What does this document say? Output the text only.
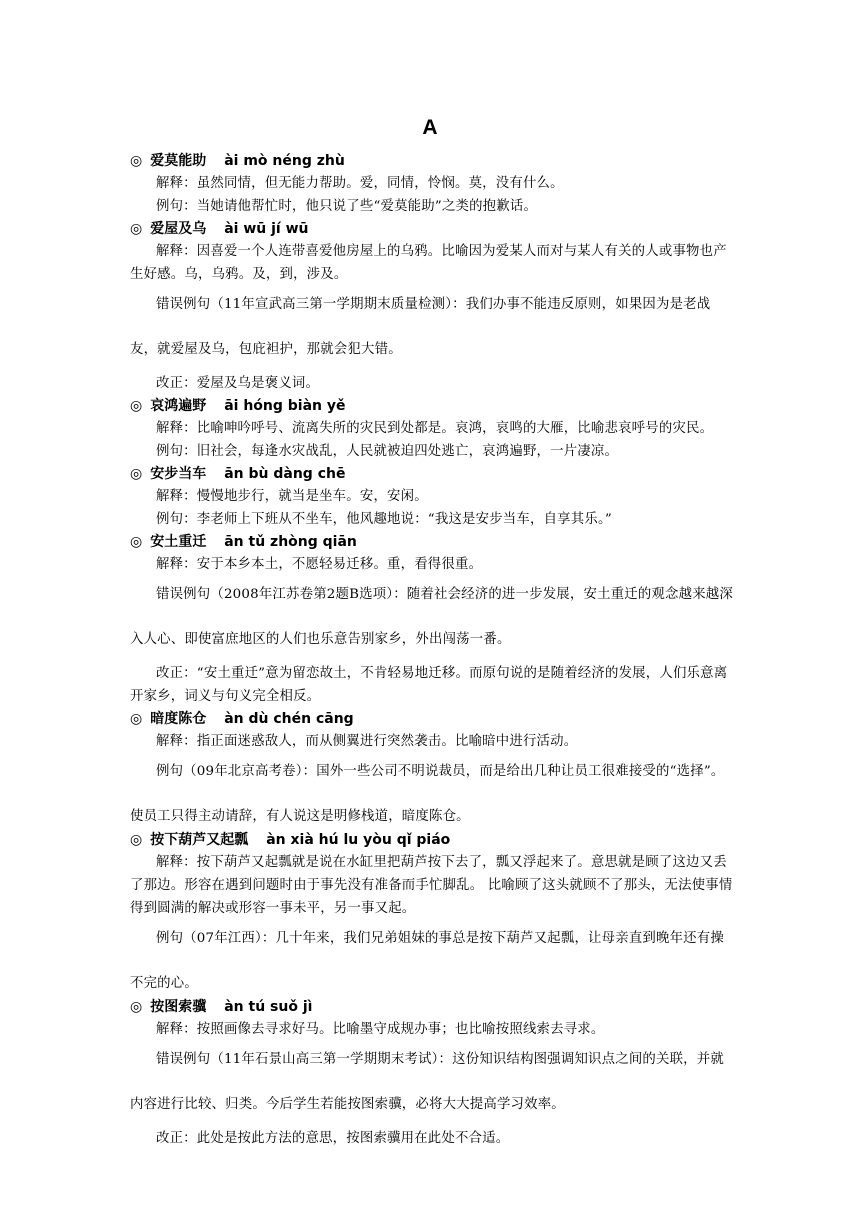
A
◎ 爱莫能助 ài mò néng zhù

解释：虽然同情，但无能力帮助。爱，同情，怜悯。莫，没有什么。

例句：当她请他帮忙时，他只说了些“爱莫能助”之类的抱歉话。

◎ 爱屋及乌 ài wū jí wū

解释：因喜爱一个人连带喜爱他房屋上的乌鸦。比喻因为爱某人而对与某人有关的人或事物也产生好感。乌，乌鸦。及，到，涉及。

错误例句（11年宣武高三第一学期期末质量检测）：我们办事不能违反原则，如果因为是老战友，就爱屋及乌，包庇袒护，那就会犯大错。

改正：爱屋及乌是褒义词。

◎ 哀鸿遍野 āi hóng biàn yě

解释：比喻呻吟呼号、流离失所的灾民到处都是。哀鸿，哀鸣的大雁，比喻悲哀呼号的灾民。

例句：旧社会，每逢水灾战乱，人民就被迫四处逃亡，哀鸿遍野，一片凄凉。

◎ 安步当车 ān bù dàng chē

解释：慢慢地步行，就当是坐车。安，安闲。

例句：李老师上下班从不坐车，他风趣地说：“我这是安步当车，自享其乐。”

◎ 安土重迁 ān tǔ zhòng qiān

解释：安于本乡本土，不愿轻易迁移。重，看得很重。

错误例句（2008年江苏卷第2题B选项）：随着社会经济的进一步发展，安土重迁的观念越来越深入人心、即使富庶地区的人们也乐意告别家乡，外出闯荡一番。

改正：“安土重迁”意为留恋故土，不肯轻易地迁移。而原句说的是随着经济的发展，人们乐意离开家乡，词义与句义完全相反。

◎ 暗度陈仓 àn dù chén cāng

解释：指正面迷惑敌人，而从侧翼进行突然袭击。比喻暗中进行活动。

例句（09年北京高考卷）：国外一些公司不明说裁员，而是给出几种让员工很难接受的“选择”。使员工只得主动请辞，有人说这是明修栈道，暗度陈仓。

◎ 按下葫芦又起瓢 àn xià hú lu yòu qǐ piáo

解释：按下葫芦又起瓢就是说在水缸里把葫芦按下去了，瓢又浮起来了。意思就是顾了这边又丢了那边。形容在遇到问题时由于事先没有准备而手忙脚乱。 比喻顾了这头就顾不了那头，无法使事情得到圆满的解决或形容一事未平，另一事又起。

例句（07年江西）：几十年来，我们兄弟姐妹的事总是按下葫芦又起瓢，让母亲直到晚年还有操不完的心。

◎ 按图索骥 àn tú suǒ jì

解释：按照画像去寻求好马。比喻墨守成规办事；也比喻按照线索去寻求。

错误例句（11年石景山高三第一学期期末考试）：这份知识结构图强调知识点之间的关联，并就内容进行比较、归类。今后学生若能按图索骥，必将大大提高学习效率。

改正：此处是按此方法的意思，按图索骥用在此处不合适。
